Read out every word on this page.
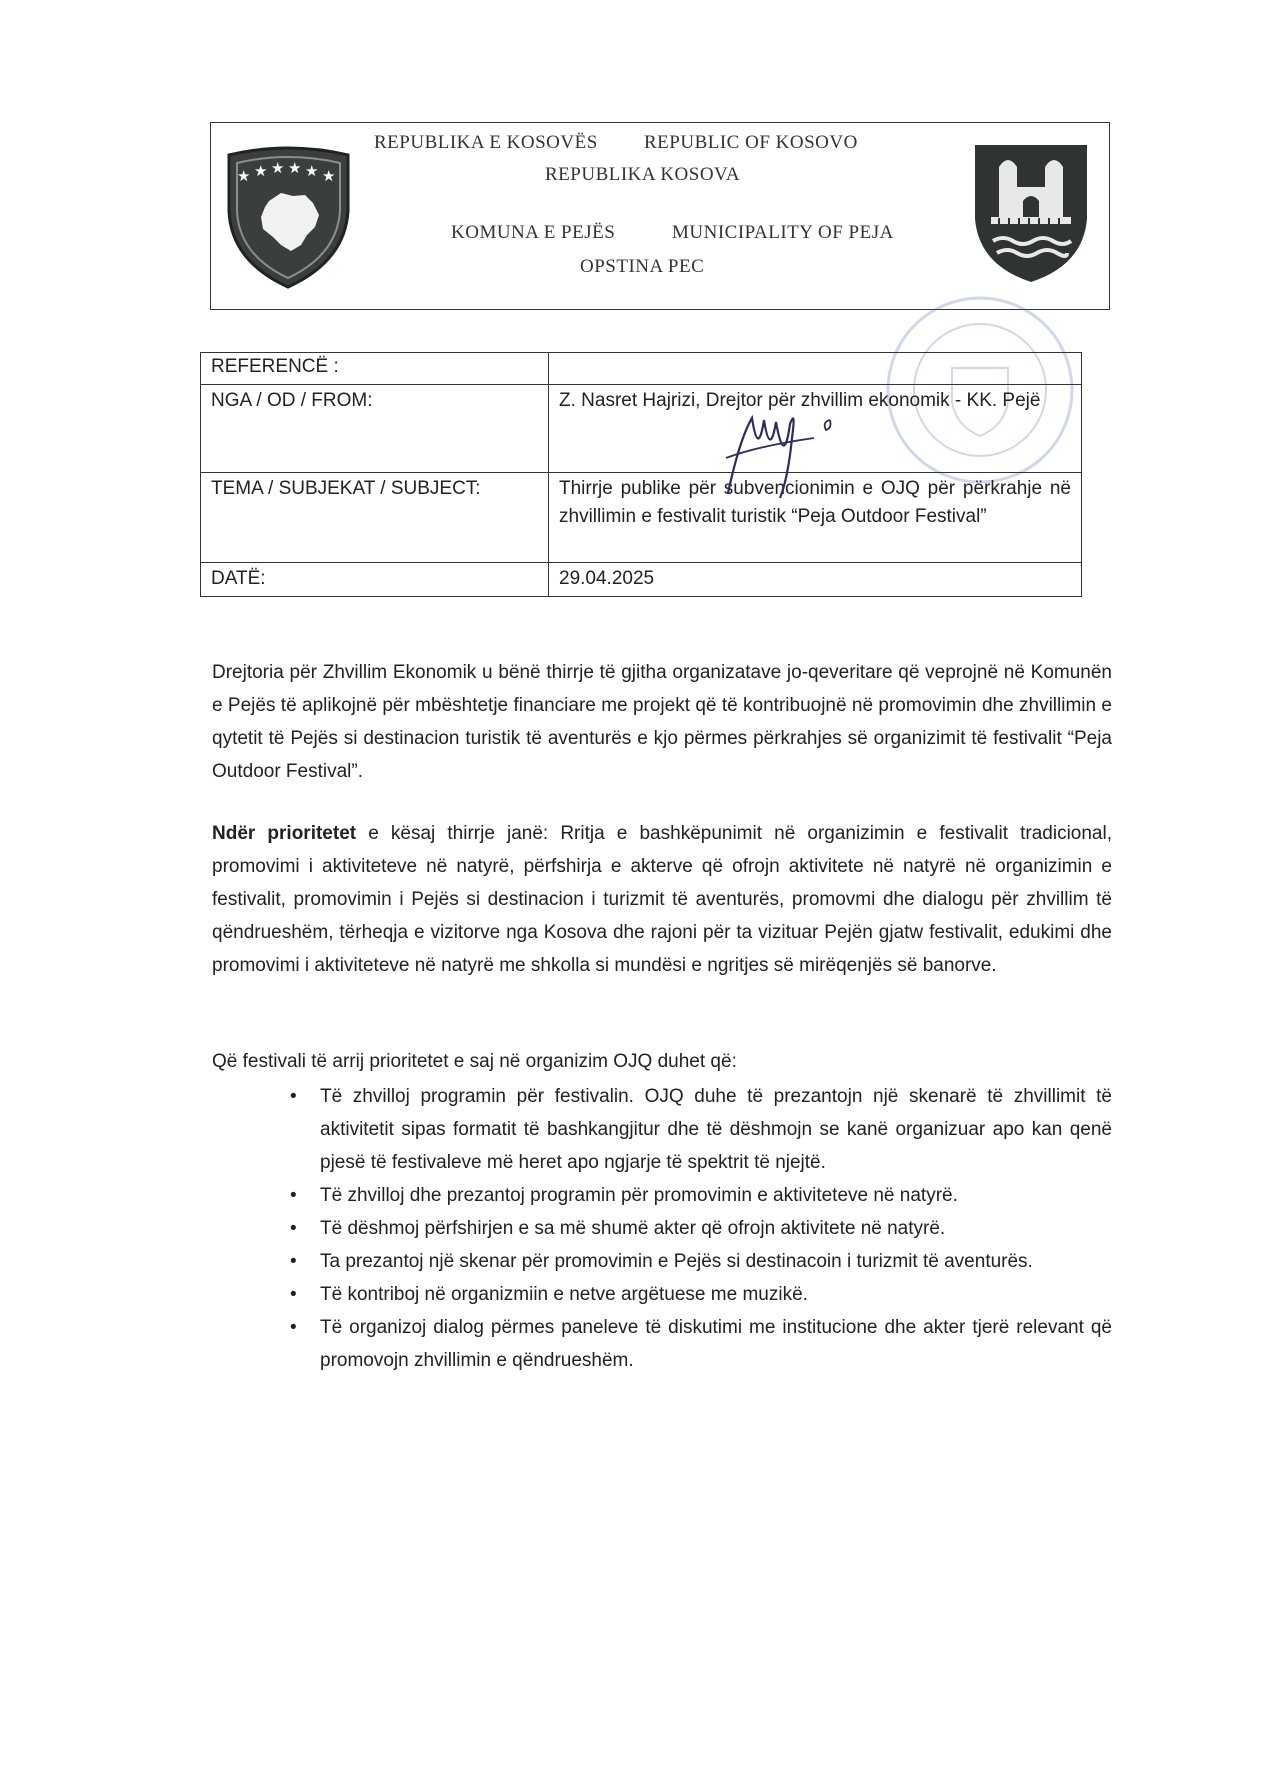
★ ★ ★ ★ ★ ★
REPUBLIKA E KOSOVËS REPUBLIC OF KOSOVO
REPUBLIKA KOSOVA
KOMUNA E PEJËS	MUNICIPALITY OF PEJA
OPSTINA PEC
REFERENCË :	
NGA / OD / FROM:	Z. Nasret Hajrizi, Drejtor për zhvillim ekonomik - KK. Pejë
TEMA / SUBJEKAT / SUBJECT:	Thirrje publike për subvencionimin e OJQ për përkrahje në zhvillimin e festivalit turistik “Peja Outdoor Festival”
DATË:	29.04.2025

Drejtoria për Zhvillim Ekonomik u bënë thirrje të gjitha organizatave jo-qeveritare që veprojnë në Komunën e Pejës të aplikojnë për mbështetje financiare me projekt që të kontribuojnë në promovimin dhe zhvillimin e qytetit të Pejës si destinacion turistik të aventurës e kjo përmes përkrahjes së organizimit të festivalit “Peja Outdoor Festival”.

Ndër prioritetet e kësaj thirrje janë: Rritja e bashkëpunimit në organizimin e festivalit tradicional, promovimi i aktiviteteve në natyrë, përfshirja e akterve që ofrojn aktivitete në natyrë në organizimin e festivalit, promovimin i Pejës si destinacion i turizmit të aventurës, promovmi dhe dialogu për zhvillim të qëndrueshëm, tërheqja e vizitorve nga Kosova dhe rajoni për ta vizituar Pejën gjatw festivalit, edukimi dhe promovimi i aktiviteteve në natyrë me shkolla si mundësi e ngritjes së mirëqenjës së banorve.

Që festivali të arrij prioritetet e saj në organizim OJQ duhet që:

• Të zhvilloj programin për festivalin. OJQ duhe të prezantojn një skenarë të zhvillimit të aktivitetit sipas formatit të bashkangjitur dhe të dëshmojn se kanë organizuar apo kan qenë pjesë të festivaleve më heret apo ngjarje të spektrit të njejtë.
• Të zhvilloj dhe prezantoj programin për promovimin e aktiviteteve në natyrë.
• Të dëshmoj përfshirjen e sa më shumë akter që ofrojn aktivitete në natyrë.
• Ta prezantoj një skenar për promovimin e Pejës si destinacoin i turizmit të aventurës.
• Të kontriboj në organizmiin e netve argëtuese me muzikë.
• Të organizoj dialog përmes paneleve të diskutimi me institucione dhe akter tjerë relevant që promovojn zhvillimin e qëndrueshëm.
